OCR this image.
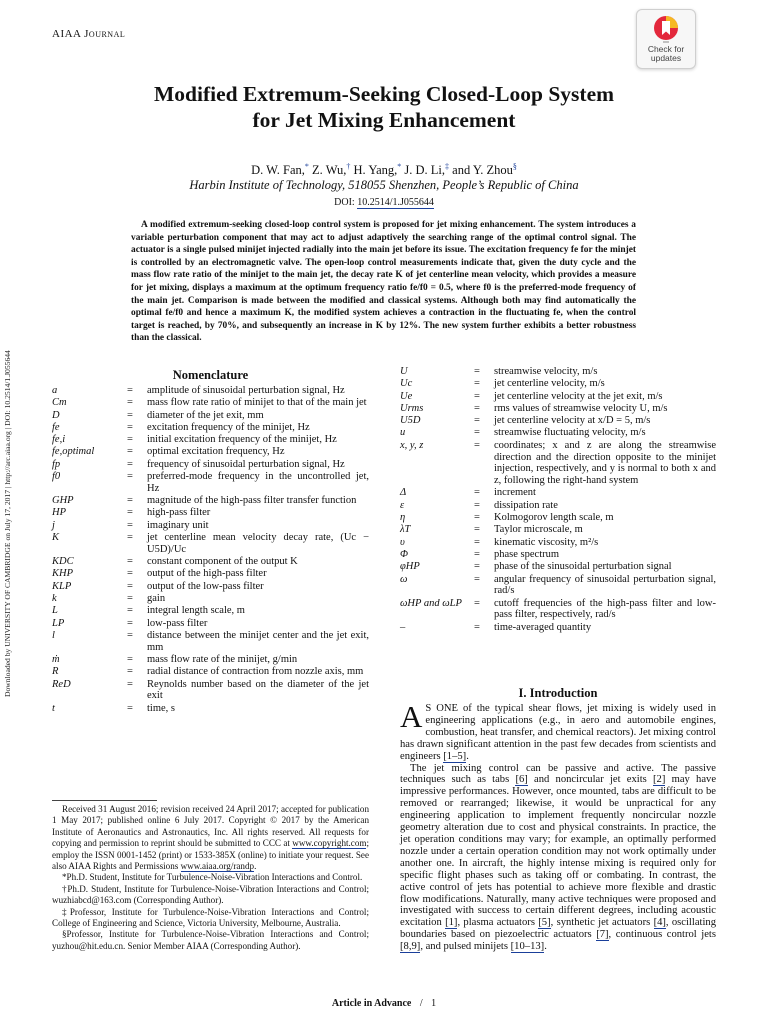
AIAA Journal
Check for
updates
Downloaded by UNIVERSITY OF CAMBRIDGE on July 17, 2017 | http://arc.aiaa.org | DOI: 10.2514/1.J055644
Modified Extremum-Seeking Closed-Loop System
for Jet Mixing Enhancement
D. W. Fan,* Z. Wu,† H. Yang,* J. D. Li,‡ and Y. Zhou§
Harbin Institute of Technology, 518055 Shenzhen, People’s Republic of China
DOI: 10.2514/1.J055644

A modified extremum-seeking closed-loop control system is proposed for jet mixing enhancement. The system introduces a variable perturbation component that may act to adjust adaptively the searching range of the optimal control signal. The actuator is a single pulsed minijet injected radially into the main jet before its issue. The excitation frequency fe for the minjet is controlled by an electromagnetic valve. The open-loop control measurements indicate that, given the duty cycle and the mass flow rate ratio of the minijet to the main jet, the decay rate K of jet centerline mean velocity, which provides a measure for jet mixing, displays a maximum at the optimum frequency ratio fe/f0 = 0.5, where f0 is the preferred-mode frequency of the main jet. Comparison is made between the modified and classical systems. Although both may find automatically the optimal fe/f0 and hence a maximum K, the modified system achieves a contraction in the fluctuating fe, when the control target is reached, by 70%, and subsequently an increase in K by 12%. The new system further exhibits a better robustness than the classical.

Nomenclature
a	= amplitude of sinusoidal perturbation signal, Hz
Cm	= mass flow rate ratio of minijet to that of the main jet
D	= diameter of the jet exit, mm
fe	= excitation frequency of the minijet, Hz
fe,i	= initial excitation frequency of the minijet, Hz
fe,optimal	= optimal excitation frequency, Hz
fp	= frequency of sinusoidal perturbation signal, Hz
f0	= preferred-mode frequency in the uncontrolled jet, Hz
GHP	= magnitude of the high-pass filter transfer function
HP	= high-pass filter
j	= imaginary unit
K	= jet centerline mean velocity decay rate, (Uc − U5D)/Uc
KDC	= constant component of the output K
KHP	= output of the high-pass filter
KLP	= output of the low-pass filter
k	= gain
L	= integral length scale, m
LP	= low-pass filter
l	= distance between the minijet center and the jet exit, mm
ṁ	= mass flow rate of the minijet, g/min
R	= radial distance of contraction from nozzle axis, mm
ReD	= Reynolds number based on the diameter of the jet exit
t	= time, s
U	= streamwise velocity, m/s
Uc	= jet centerline velocity, m/s
Ue	= jet centerline velocity at the jet exit, m/s
Urms	= rms values of streamwise velocity U, m/s
U5D	= jet centerline velocity at x/D = 5, m/s
u	= streamwise fluctuating velocity, m/s
x, y, z	= coordinates; x and z are along the streamwise direction and the direction opposite to the minijet injection, respectively, and y is normal to both x and z, following the right-hand system
Δ	= increment
ε	= dissipation rate
η	= Kolmogorov length scale, m
λT	= Taylor microscale, m
υ	= kinematic viscosity, m²/s
Φ	= phase spectrum
φHP	= phase of the sinusoidal perturbation signal
ω	= angular frequency of sinusoidal perturbation signal, rad/s
ωHP and ωLP	= cutoff frequencies of the high-pass filter and low-pass filter, respectively, rad/s
–	= time-averaged quantity

Received 31 August 2016; revision received 24 April 2017; accepted for publication 1 May 2017; published online 6 July 2017. Copyright © 2017 by the American Institute of Aeronautics and Astronautics, Inc. All rights reserved. All requests for copying and permission to reprint should be submitted to CCC at www.copyright.com; employ the ISSN 0001-1452 (print) or 1533-385X (online) to initiate your request. See also AIAA Rights and Permissions www.aiaa.org/randp.

*Ph.D. Student, Institute for Turbulence-Noise-Vibration Interactions and Control.

†Ph.D. Student, Institute for Turbulence-Noise-Vibration Interactions and Control; wuzhiabcd@163.com (Corresponding Author).

‡Professor, Institute for Turbulence-Noise-Vibration Interactions and Control; College of Engineering and Science, Victoria University, Melbourne, Australia.

§Professor, Institute for Turbulence-Noise-Vibration Interactions and Control; yuzhou@hit.edu.cn. Senior Member AIAA (Corresponding Author).

I. Introduction

A S ONE of the typical shear flows, jet mixing is widely used in engineering applications (e.g., in aero and automobile engines, combustion, heat transfer, and chemical reactors). Jet mixing control has drawn significant attention in the past few decades from scientists and engineers [1–5].

The jet mixing control can be passive and active. The passive techniques such as tabs [6] and noncircular jet exits [2] may have impressive performances. However, once mounted, tabs are difficult to be removed or rearranged; likewise, it would be unpractical for any engineering application to implement frequently noncircular nozzle geometry alteration due to cost and physical constraints. In practice, the jet operation conditions may vary; for example, an optimally performed nozzle under a certain operation condition may not work optimally under another one. In aircraft, the highly intense mixing is required only for specific flight phases such as taking off or combating. In contrast, the active control of jets has potential to achieve more flexible and drastic flow modifications. Naturally, many active techniques were proposed and investigated with success to certain different degrees, including acoustic excitation [1], plasma actuators [5], synthetic jet actuators [4], oscillating boundaries based on piezoelectric actuators [7], continuous control jets [8,9], and pulsed minijets [10–13].

Article in Advance / 1
